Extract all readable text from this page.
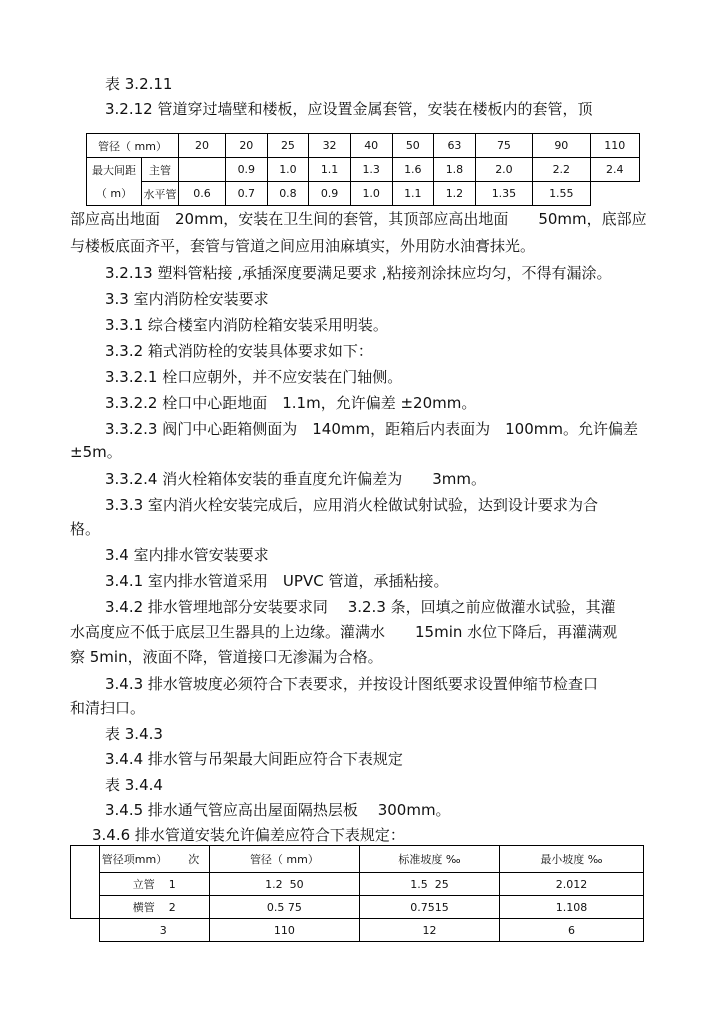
表 3.2.11
3.2.12 管道穿过墙壁和楼板，应设置金属套管，安装在楼板内的套管，顶
管径（ mm）		20	20	25	32	40	50	63	75	90	110
最大间距	主管		0.9	1.0	1.1	1.3	1.6	1.8	2.0	2.2	2.4
（ m）	水平管	0.6	0.7	0.8	0.9	1.0	1.1	1.2	1.35	1.55	
部应高出地面　20mm，安装在卫生间的套管，其顶部应高出地面　　50mm，底部应
与楼板底面齐平，套管与管道之间应用油麻填实，外用防水油膏抹光。
3.2.13 塑料管粘接 ,承插深度要满足要求 ,粘接剂涂抹应均匀，不得有漏涂。
3.3 室内消防栓安装要求
3.3.1 综合楼室内消防栓箱安装采用明装。
3.3.2 箱式消防栓的安装具体要求如下：
3.3.2.1 栓口应朝外，并不应安装在门轴侧。
3.3.2.2 栓口中心距地面　1.1m，允许偏差 ±20mm。
3.3.2.3 阀门中心距箱侧面为　140mm，距箱后内表面为　100mm。允许偏差
±5m。
3.3.2.4 消火栓箱体安装的垂直度允许偏差为　　3mm。
3.3.3 室内消火栓安装完成后，应用消火栓做试射试验，达到设计要求为合
格。
3.4 室内排水管安装要求
3.4.1 室内排水管道采用　UPVC 管道，承插粘接。
3.4.2 排水管埋地部分安装要求同　 3.2.3 条，回填之前应做灌水试验，其灌
水高度应不低于底层卫生器具的上边缘。灌满水　　15min 水位下降后，再灌满观
察 5min，液面不降，管道接口无渗漏为合格。
3.4.3 排水管坡度必须符合下表要求，并按设计图纸要求设置伸缩节检查口
和清扫口。
表 3.4.3
3.4.4 排水管与吊架最大间距应符合下表规定
表 3.4.4
3.4.5 排水通气管应高出屋面隔热层板　 300mm。
3.4.6 排水管道安装允许偏差应符合下表规定：
	管径项mm） 次	管径（ mm）	标准坡度 ‰	最小坡度 ‰
	立管 1	1.2 50	1.5 25	2.012
	横管 2	0.5 75	0.7515	1.108
	3	110	12	6
